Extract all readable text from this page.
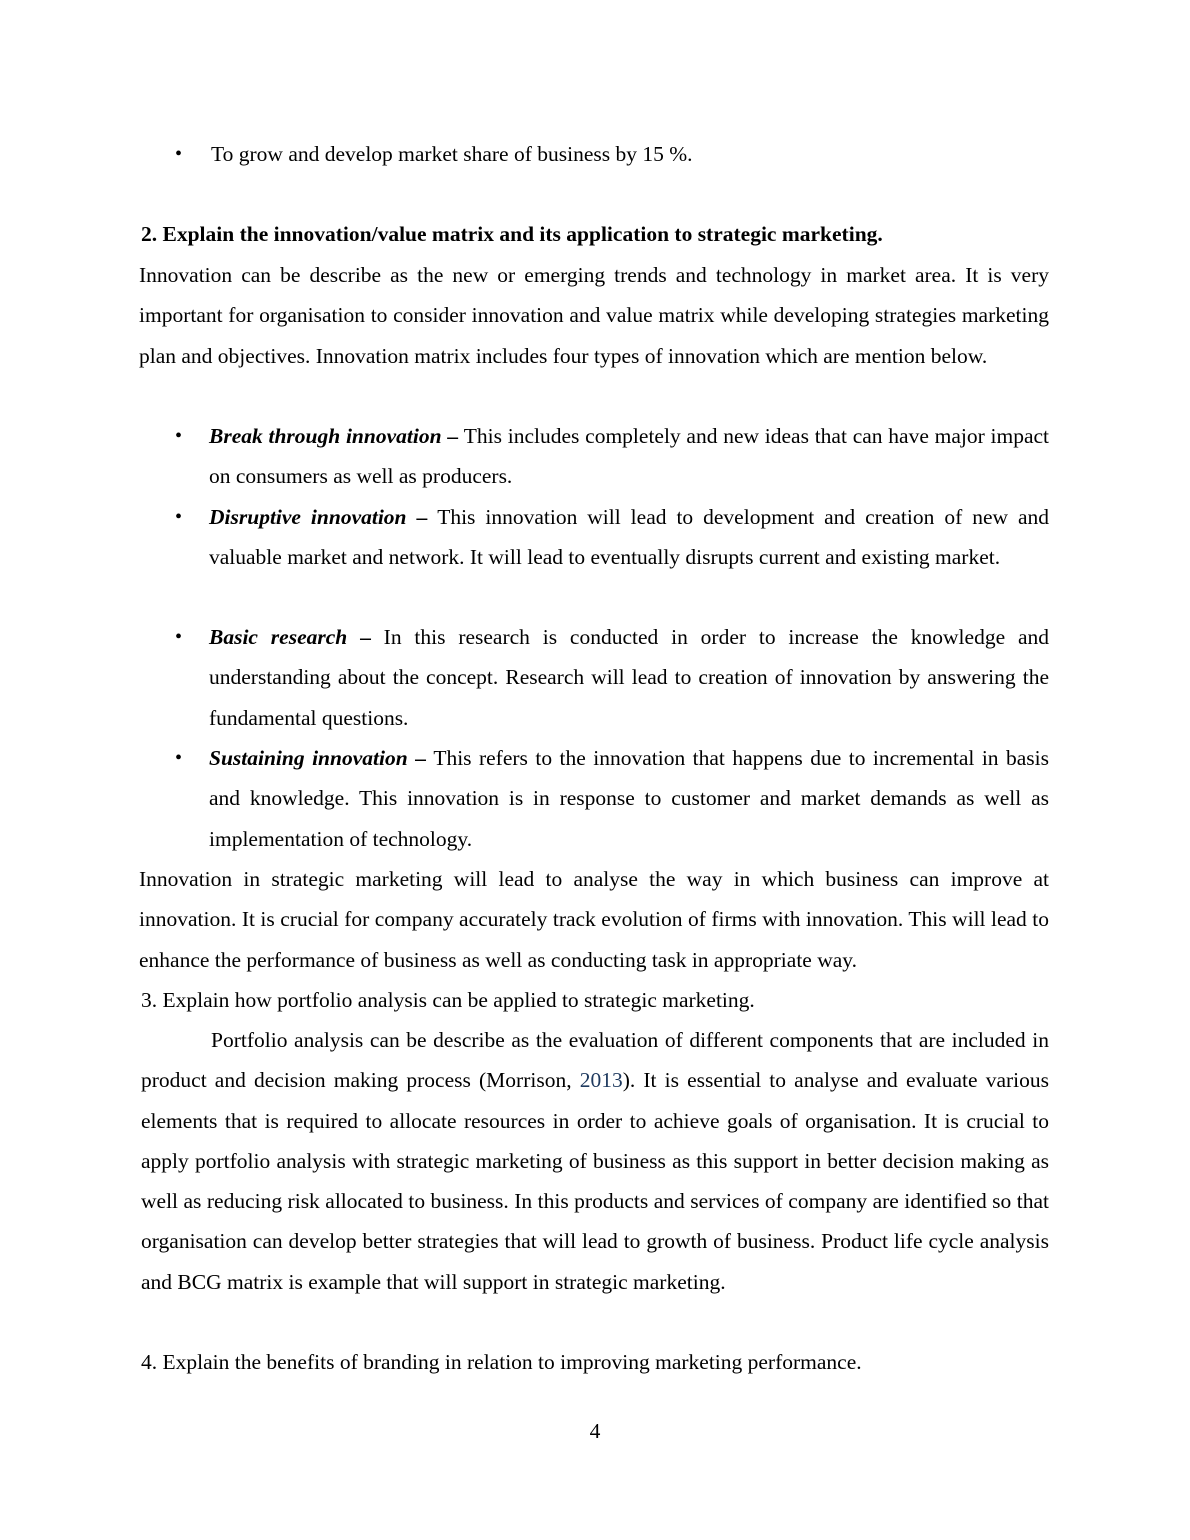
• To grow and develop market share of business by 15 %.
2. Explain the innovation/value matrix and its application to strategic marketing.
Innovation can be describe as the new or emerging trends and technology in market area. It is very important for organisation to consider innovation and value matrix while developing strategies marketing plan and objectives. Innovation matrix includes four types of innovation which are mention below.
• Break through innovation – This includes completely and new ideas that can have major impact on consumers as well as producers.
• Disruptive innovation – This innovation will lead to development and creation of new and valuable market and network. It will lead to eventually disrupts current and existing market.
• Basic research – In this research is conducted in order to increase the knowledge and understanding about the concept. Research will lead to creation of innovation by answering the fundamental questions.
• Sustaining innovation – This refers to the innovation that happens due to incremental in basis and knowledge. This innovation is in response to customer and market demands as well as implementation of technology.
Innovation in strategic marketing will lead to analyse the way in which business can improve at innovation. It is crucial for company accurately track evolution of firms with innovation. This will lead to enhance the performance of business as well as conducting task in appropriate way.
3. Explain how portfolio analysis can be applied to strategic marketing.
Portfolio analysis can be describe as the evaluation of different components that are included in product and decision making process (Morrison, 2013). It is essential to analyse and evaluate various elements that is required to allocate resources in order to achieve goals of organisation. It is crucial to apply portfolio analysis with strategic marketing of business as this support in better decision making as well as reducing risk allocated to business. In this products and services of company are identified so that organisation can develop better strategies that will lead to growth of business. Product life cycle analysis and BCG matrix is example that will support in strategic marketing.
4. Explain the benefits of branding in relation to improving marketing performance.
4
